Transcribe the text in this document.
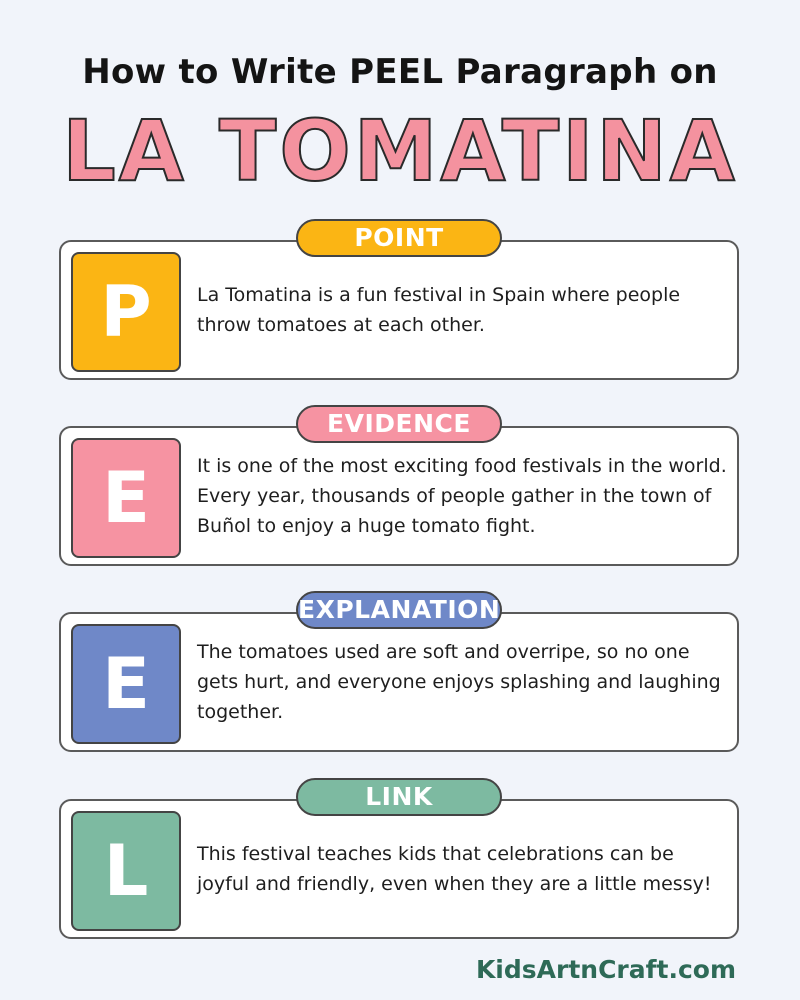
How to Write PEEL Paragraph on
LA TOMATINA
P	La Tomatina is a fun festival in Spain where people throw tomatoes at each other.
POINT
E	It is one of the most exciting food festivals in the world. Every year, thousands of people gather in the town of Buñol to enjoy a huge tomato fight.
EVIDENCE
E	The tomatoes used are soft and overripe, so no one gets hurt, and everyone enjoys splashing and laughing together.
EXPLANATION
L	This festival teaches kids that celebrations can be joyful and friendly, even when they are a little messy!
LINK
KidsArtnCraft.com
